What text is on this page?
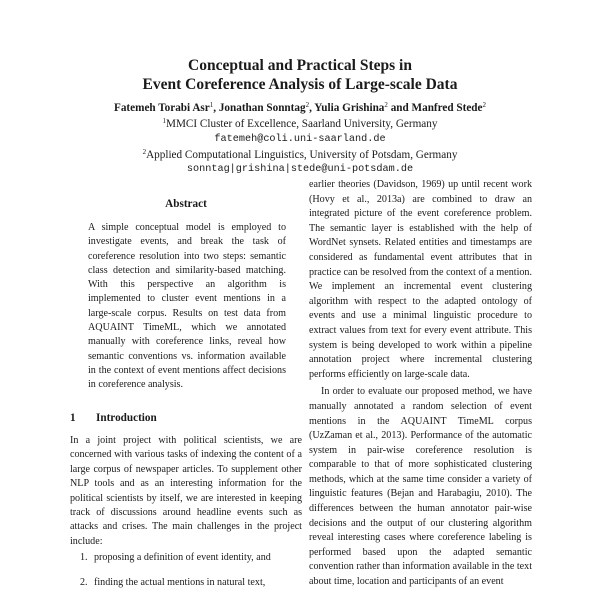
Conceptual and Practical Steps in
Event Coreference Analysis of Large-scale Data
Fatemeh Torabi Asr$^1$, Jonathan Sonntag$^2$, Yulia Grishina$^2$ and Manfred Stede$^2$
$^1$MMCI Cluster of Excellence, Saarland University, Germany
fatemeh@coli.uni-saarland.de
$^2$Applied Computational Linguistics, University of Potsdam, Germany
sonntag|grishina|stede@uni-potsdam.de
Abstract
A simple conceptual model is employed to investigate events, and break the task of coreference resolution into two steps: semantic class detection and similarity-based matching. With this perspective an algorithm is implemented to cluster event mentions in a large-scale corpus. Results on test data from AQUAINT TimeML, which we annotated manually with coreference links, reveal how semantic conventions vs. information available in the context of event mentions affect decisions in coreference analysis.
1 Introduction

In a joint project with political scientists, we are concerned with various tasks of indexing the content of a large corpus of newspaper articles. To supplement other NLP tools and as an interesting information for the political scientists by itself, we are interested in keeping track of discussions around headline events such as attacks and crises. The main challenges in the project include:

1. proposing a definition of event identity, and
2. finding the actual mentions in natural text,

earlier theories (Davidson, 1969) up until recent work (Hovy et al., 2013a) are combined to draw an integrated picture of the event coreference problem. The semantic layer is established with the help of WordNet synsets. Related entities and timestamps are considered as fundamental event attributes that in practice can be resolved from the context of a mention. We implement an incremental event clustering algorithm with respect to the adapted ontology of events and use a minimal linguistic procedure to extract values from text for every event attribute. This system is being developed to work within a pipeline annotation project where incremental clustering performs efficiently on large-scale data.

In order to evaluate our proposed method, we have manually annotated a random selection of event mentions in the AQUAINT TimeML corpus (UzZaman et al., 2013). Performance of the automatic system in pair-wise coreference resolution is comparable to that of more sophisticated clustering methods, which at the same time consider a variety of linguistic features (Bejan and Harabagiu, 2010). The differences between the human annotator pair-wise decisions and the output of our clustering algorithm reveal interesting cases where coreference labeling is performed based upon the adapted semantic convention rather than information available in the text about time, location and participants of an event
